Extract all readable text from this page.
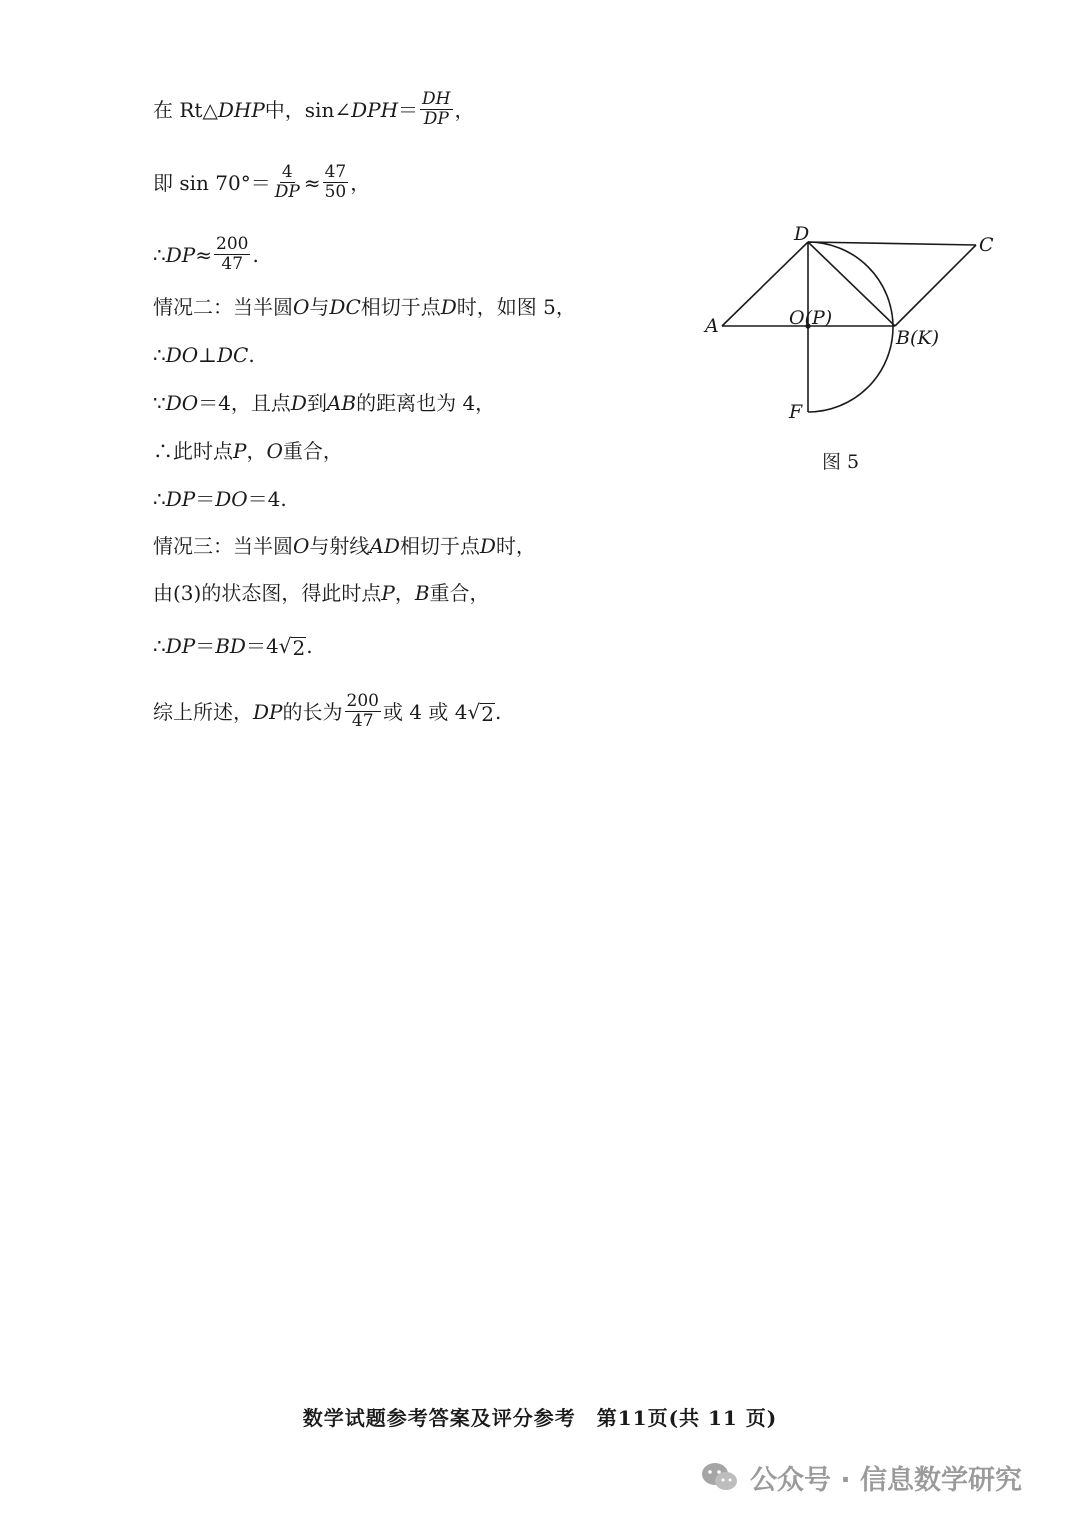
在 Rt△ DHP 中，sin∠ DPH ＝ $\frac{DH}{DP}$ ，
即 $\sin 70^\circ= \frac{4}{DP} \approx \frac{47}{50}$ ，
∴ DP ≈ $\frac{200}{47}$ .
情况二：当半圆 O 与 DC 相切于点 D 时，如图 5，
∴ DO ⊥ DC .
∵ DO ＝4，且点 D 到 AB 的距离也为 4，
∴此时点 P ， O 重合，
∴ DP ＝ DO ＝4.
情况三：当半圆 O 与射线 AD 相切于点 D 时，
由(3)的状态图，得此时点 P ， B 重合，
∴ DP ＝ BD ＝4 √ 2 .
综上所述， DP 的长为 $\frac{200}{47}$ 或 4 或 4 √ 2 .
D	C
A	O(P)
B(K)
F
图 5
数学试题参考答案及评分参考　第11页(共 11 页)
公众号 · 信息数学研究
